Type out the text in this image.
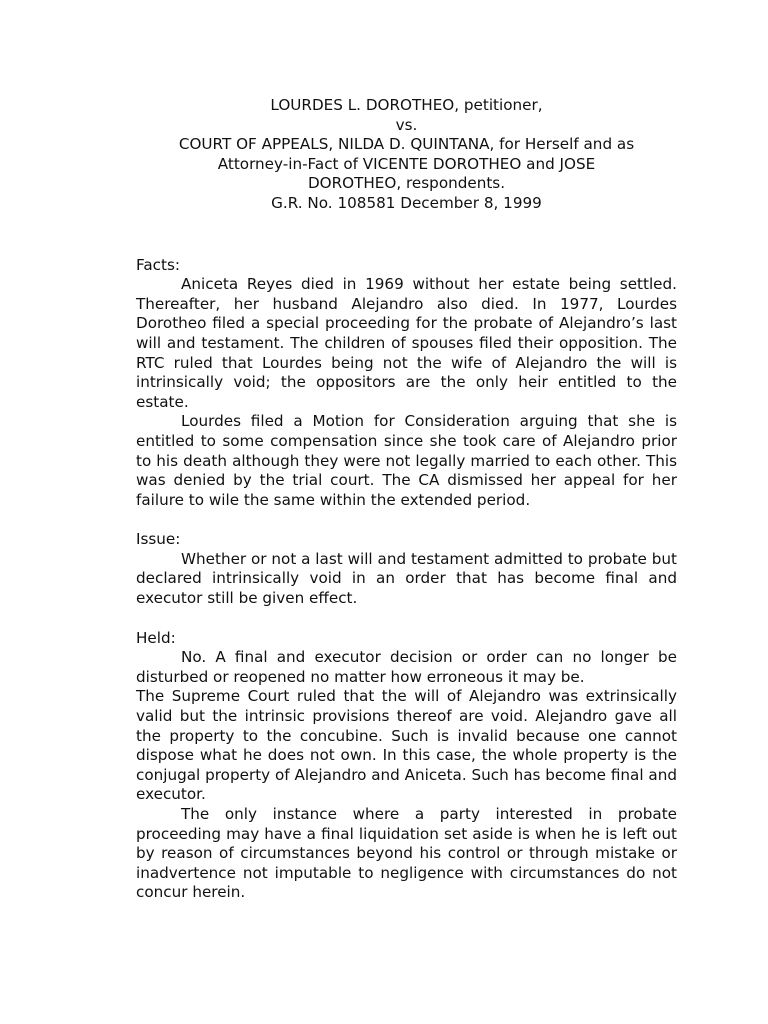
LOURDES L. DOROTHEO, petitioner,
vs.
COURT OF APPEALS, NILDA D. QUINTANA, for Herself and as
Attorney-in-Fact of VICENTE DOROTHEO and JOSE
DOROTHEO, respondents.
G.R. No. 108581 December 8, 1999
Facts:

Aniceta Reyes died in 1969 without her estate being settled. Thereafter, her husband Alejandro also died. In 1977, Lourdes Dorotheo filed a special proceeding for the probate of Alejandro’s last will and testament. The children of spouses filed their opposition. The RTC ruled that Lourdes being not the wife of Alejandro the will is intrinsically void; the oppositors are the only heir entitled to the estate.

Lourdes filed a Motion for Consideration arguing that she is entitled to some compensation since she took care of Alejandro prior to his death although they were not legally married to each other. This was denied by the trial court. The CA dismissed her appeal for her failure to wile the same within the extended period.

Issue:

Whether or not a last will and testament admitted to probate but declared intrinsically void in an order that has become final and executor still be given effect.

Held:

No. A final and executor decision or order can no longer be disturbed or reopened no matter how erroneous it may be.

The Supreme Court ruled that the will of Alejandro was extrinsically valid but the intrinsic provisions thereof are void. Alejandro gave all the property to the concubine. Such is invalid because one cannot dispose what he does not own. In this case, the whole property is the conjugal property of Alejandro and Aniceta. Such has become final and executor.

The only instance where a party interested in probate proceeding may have a final liquidation set aside is when he is left out by reason of circumstances beyond his control or through mistake or inadvertence not imputable to negligence with circumstances do not concur herein.
